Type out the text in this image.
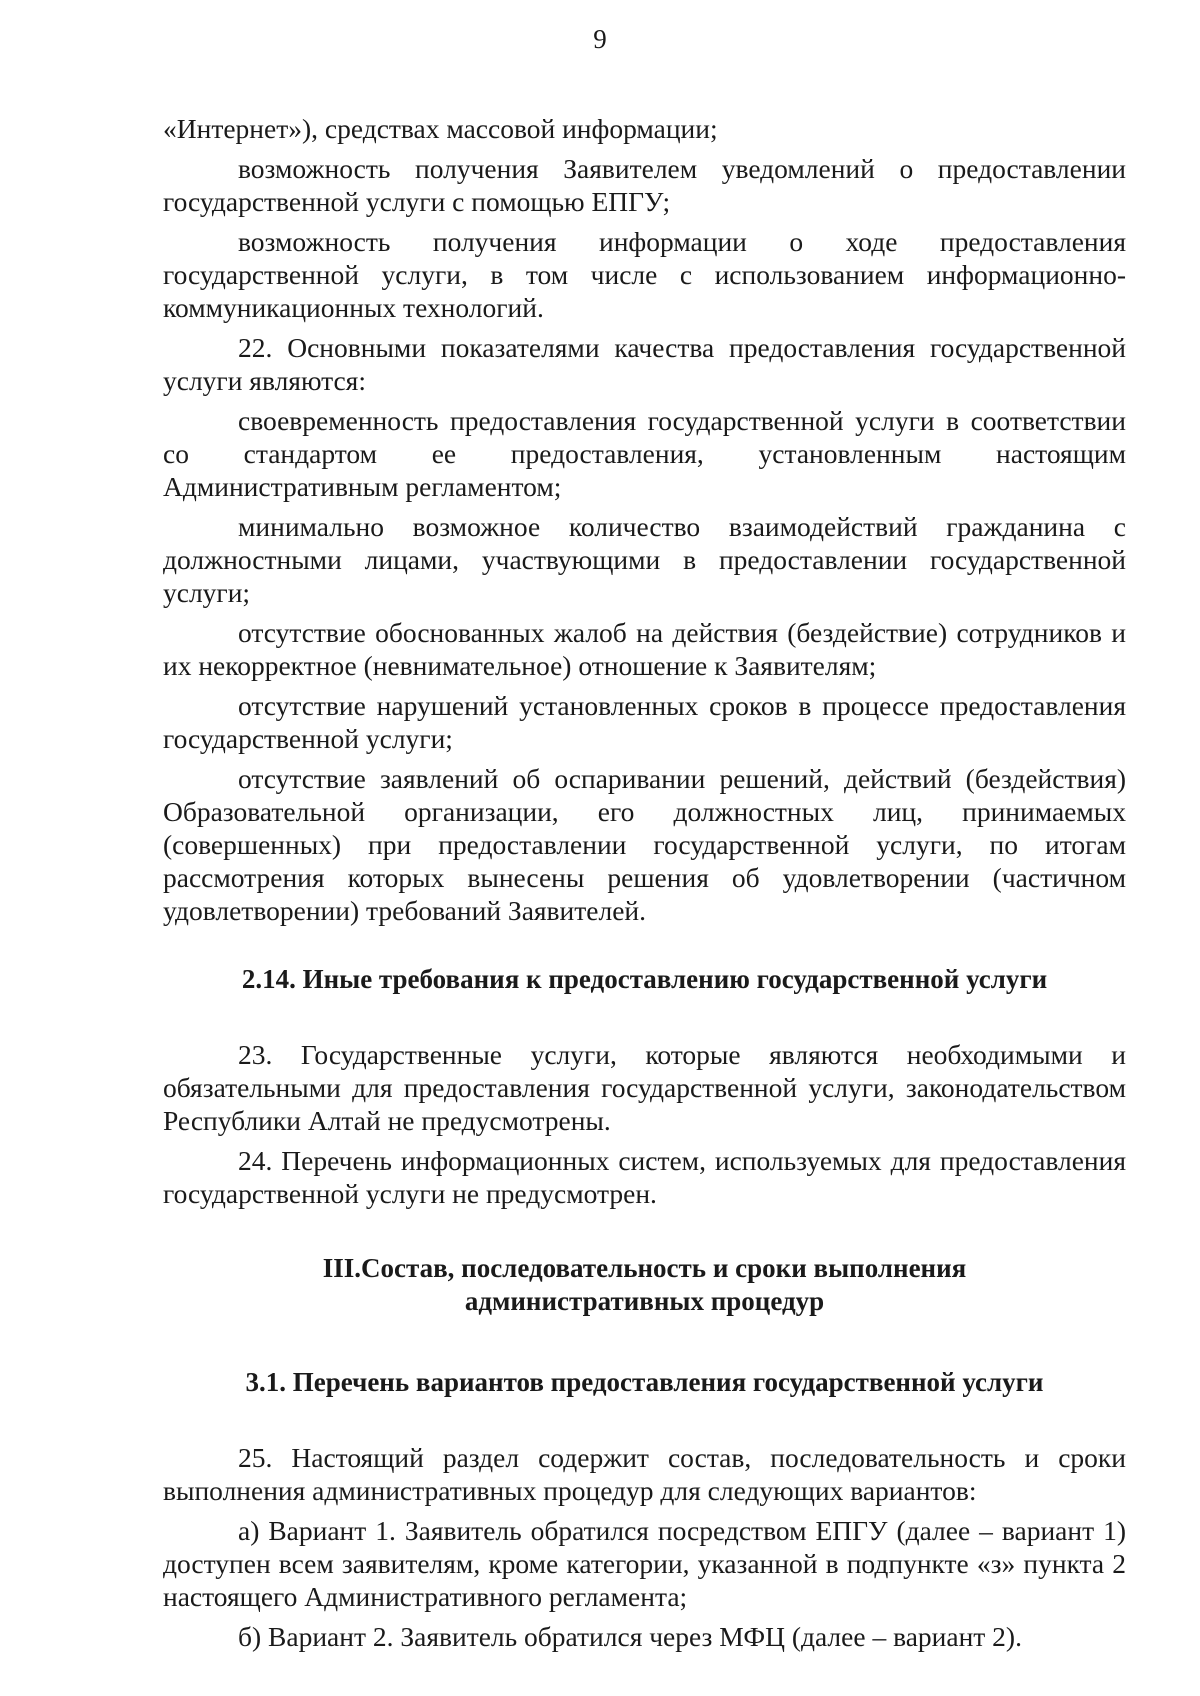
9

«Интернет»), средствах массовой информации;

возможность получения Заявителем уведомлений о предоставлении государственной услуги с помощью ЕПГУ;

возможность получения информации о ходе предоставления государственной услуги, в том числе с использованием информационно-коммуникационных технологий.

22. Основными показателями качества предоставления государственной услуги являются:

своевременность предоставления государственной услуги в соответствии со стандартом ее предоставления, установленным настоящим Административным регламентом;

минимально возможное количество взаимодействий гражданина с должностными лицами, участвующими в предоставлении государственной услуги;

отсутствие обоснованных жалоб на действия (бездействие) сотрудников и их некорректное (невнимательное) отношение к Заявителям;

отсутствие нарушений установленных сроков в процессе предоставления государственной услуги;

отсутствие заявлений об оспаривании решений, действий (бездействия) Образовательной организации, его должностных лиц, принимаемых (совершенных) при предоставлении государственной услуги, по итогам рассмотрения которых вынесены решения об удовлетворении (частичном удовлетворении) требований Заявителей.

2.14. Иные требования к предоставлению государственной услуги

23. Государственные услуги, которые являются необходимыми и обязательными для предоставления государственной услуги, законодательством Республики Алтай не предусмотрены.

24. Перечень информационных систем, используемых для предоставления государственной услуги не предусмотрен.

III.Состав, последовательность и сроки выполнения
административных процедур
3.1. Перечень вариантов предоставления государственной услуги

25. Настоящий раздел содержит состав, последовательность и сроки выполнения административных процедур для следующих вариантов:

а) Вариант 1. Заявитель обратился посредством ЕПГУ (далее – вариант 1) доступен всем заявителям, кроме категории, указанной в подпункте «з» пункта 2 настоящего Административного регламента;

б) Вариант 2. Заявитель обратился через МФЦ (далее – вариант 2).
